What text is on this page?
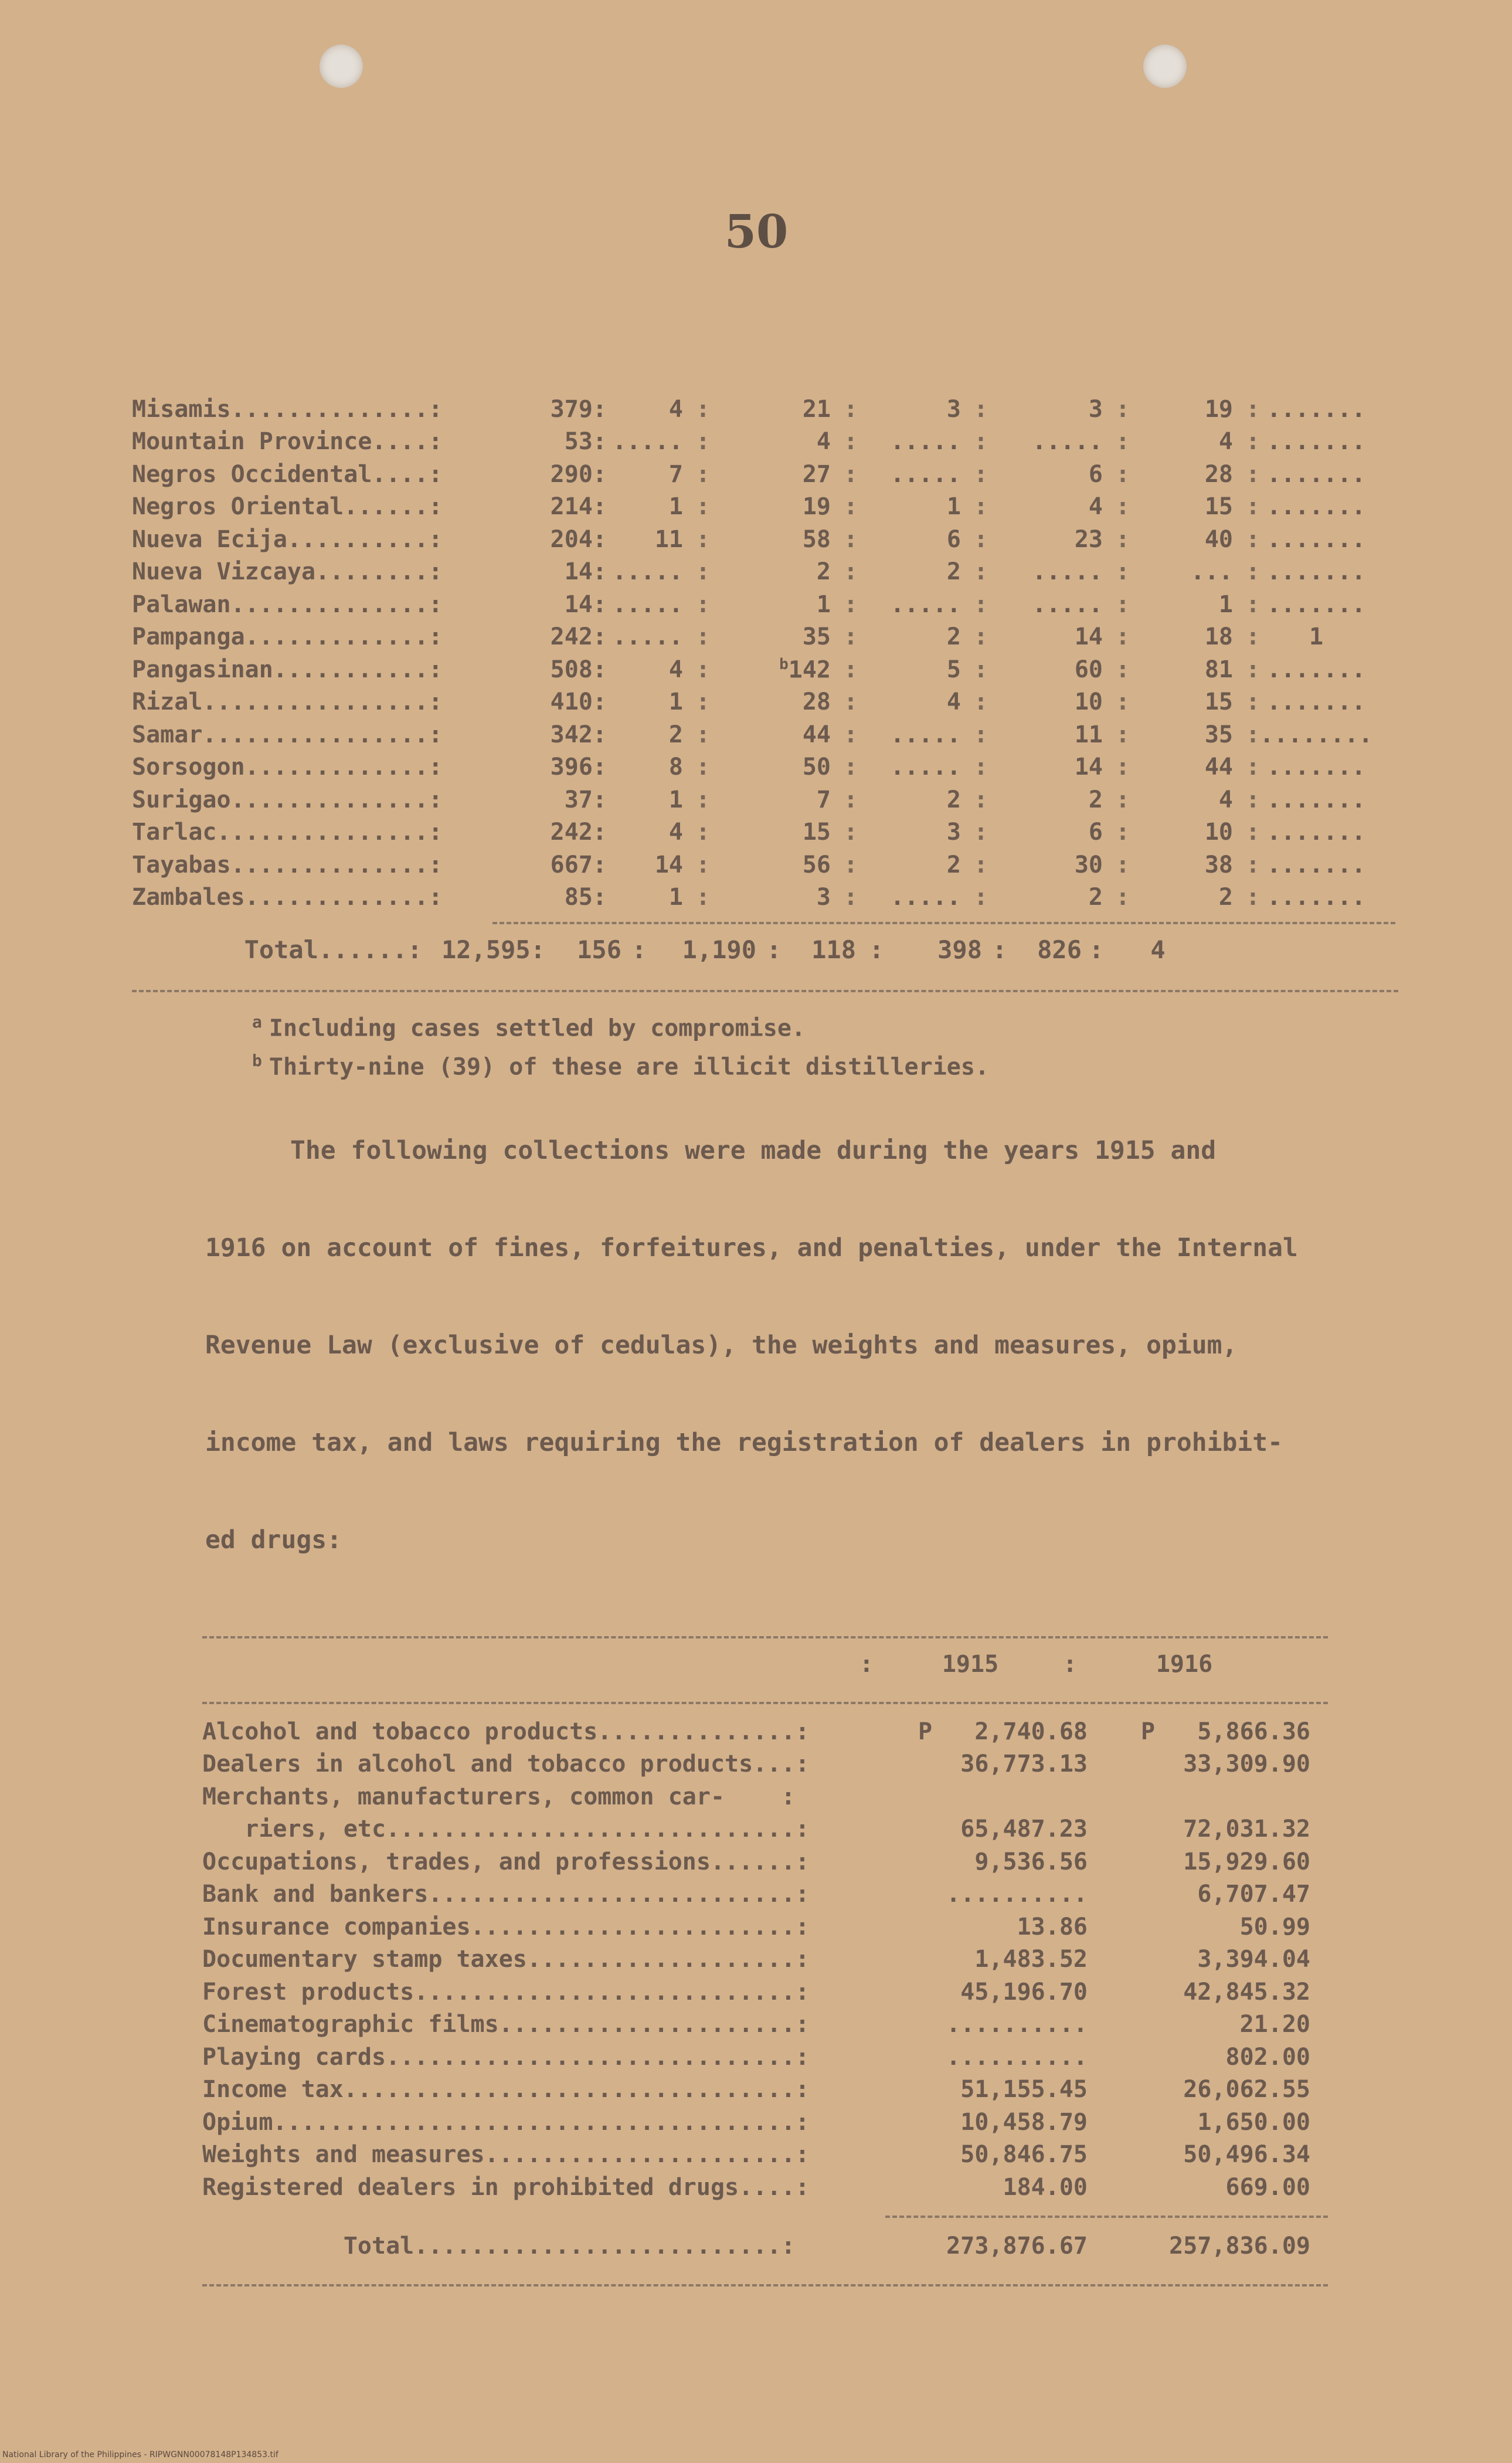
50
Misamis..............:	379:	4 :	21 :	3 :	3 :	19 : .......
Mountain Province....:	53: ..... :	4 :	..... :	..... :	4 : .......
Negros Occidental....:	290:	7 :	27 :	..... :	6 :	28 : .......
Negros Oriental......:	214:	1 :	19 :	1 :	4 :	15 : .......
Nueva Ecija..........:	204:	11 :	58 :	6 :	23 :	40 : .......
Nueva Vizcaya........:	14: ..... :	2 :	2 :	..... :	... : .......
Palawan..............:	14: ..... :	1 :	..... :	..... :	1 : .......
Pampanga.............:	242: ..... :	35 :	2 :	14 :	18 :	1
Pangasinan...........:	508:	4 :	$^b$142 :	5 :	60 :	81 : .......
Rizal................:	410:	1 :	28 :	4 :	10 :	15 : .......
Samar................:	342:	2 :	44 :	..... :	11 :	35 : ........
Sorsogon.............:	396:	8 :	50 :	..... :	14 :	44 : .......
Surigao..............:	37:	1 :	7 :	2 :	2 :	4 : .......
Tarlac...............:	242:	4 :	15 :	3 :	6 :	10 : .......
Tayabas..............:	667:	14 :	56 :	2 :	30 :	38 : .......
Zambales.............:	85:	1 :	3 :	..... :	2 :	2 : .......
Total......: 12,595:	156 :	1,190 :	118 :	398 :	826 :	4
$^a$ Including cases settled by compromise.
$^b$ Thirty-nine (39) of these are illicit distilleries.
The following collections were made during the years 1915 and
1916 on account of fines, forfeitures, and penalties, under the Internal
Revenue Law (exclusive of cedulas), the weights and measures, opium,
income tax, and laws requiring the registration of dealers in prohibit-
ed drugs:
:	1915	:	1916
Alcohol and tobacco products..............:	P   2,740.68	P   5,866.36
Dealers in alcohol and tobacco products...:	36,773.13	33,309.90
Merchants, manufacturers, common car-    :
riers, etc.............................:	65,487.23	72,031.32
Occupations, trades, and professions......:	9,536.56	15,929.60
Bank and bankers..........................:	..........	6,707.47
Insurance companies.......................:	13.86	50.99
Documentary stamp taxes...................:	1,483.52	3,394.04
Forest products...........................:	45,196.70	42,845.32
Cinematographic films.....................:	..........	21.20
Playing cards.............................:	..........	802.00
Income tax................................:	51,155.45	26,062.55
Opium.....................................:	10,458.79	1,650.00
Weights and measures......................:	50,846.75	50,496.34
Registered dealers in prohibited drugs....:	184.00	669.00
Total..........................:	273,876.67	257,836.09
National Library of the Philippines - RIPWGNN00078148P134853.tif
